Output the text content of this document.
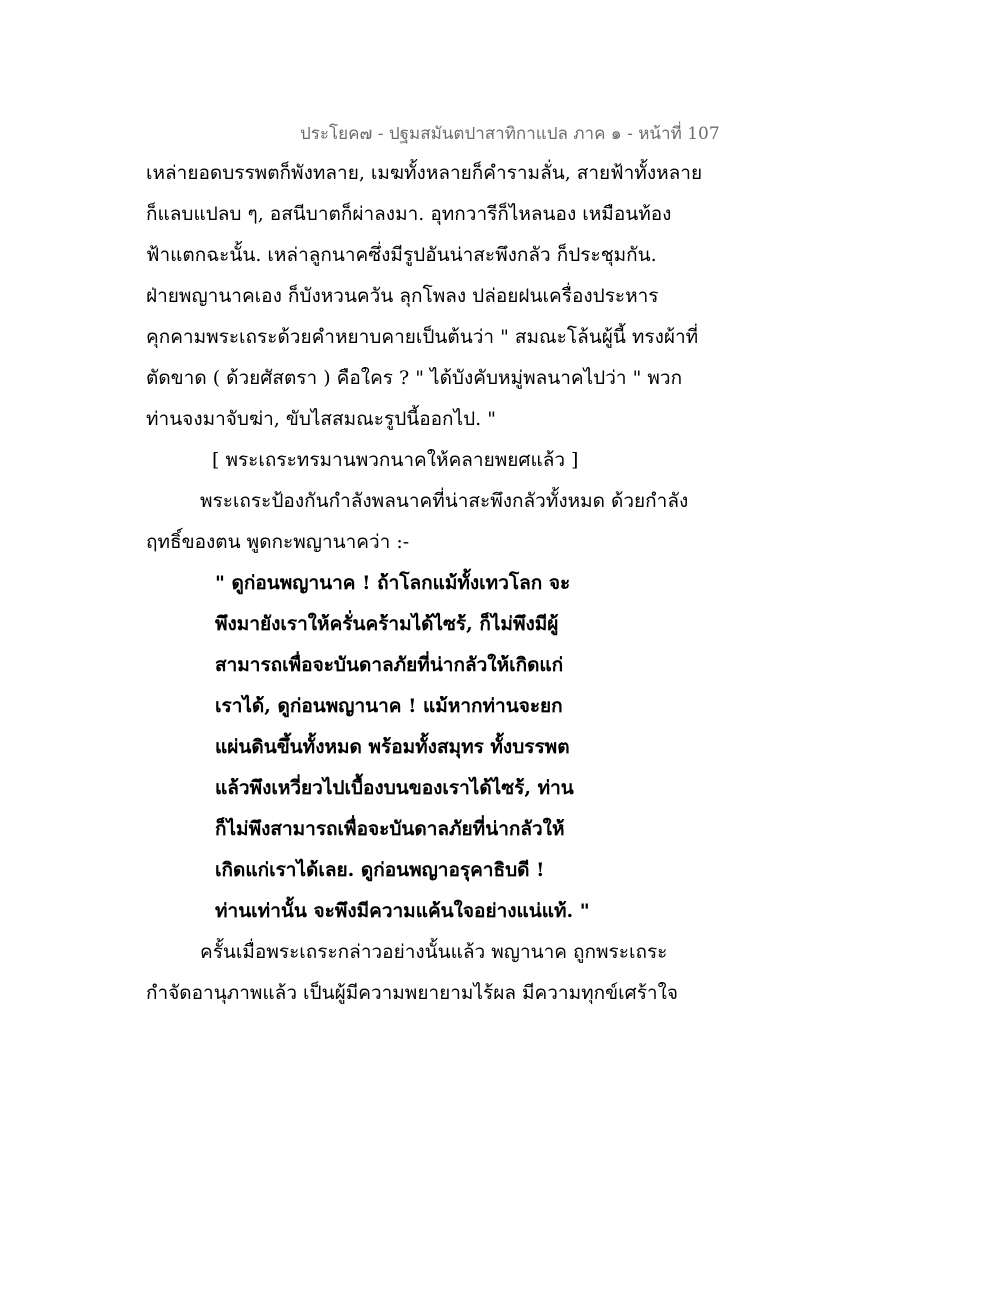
ประโยค๗ - ปฐมสมันตปาสาทิกาแปล ภาค ๑ - หน้าที่ 107
เหล่ายอดบรรพตก็พังทลาย, เมฆทั้งหลายก็คำรามลั่น, สายฟ้าทั้งหลาย
ก็แลบแปลบ ๆ, อสนีบาตก็ผ่าลงมา. อุทกวารีก็ไหลนอง เหมือนท้อง
ฟ้าแตกฉะนั้น. เหล่าลูกนาคซึ่งมีรูปอันน่าสะพึงกลัว ก็ประชุมกัน.
ฝ่ายพญานาคเอง ก็บังหวนควัน ลุกโพลง ปล่อยฝนเครื่องประหาร
คุกคามพระเถระด้วยคำหยาบคายเป็นต้นว่า " สมณะโล้นผู้นี้ ทรงผ้าที่
ตัดขาด ( ด้วยศัสตรา ) คือใคร ? " ได้บังคับหมู่พลนาคไปว่า " พวก
ท่านจงมาจับฆ่า, ขับไสสมณะรูปนี้ออกไป. "
[ พระเถระทรมานพวกนาคให้คลายพยศแล้ว ]
พระเถระป้องกันกำลังพลนาคที่น่าสะพึงกลัวทั้งหมด ด้วยกำลัง
ฤทธิ์ของตน พูดกะพญานาคว่า :-
" ดูก่อนพญานาค ! ถ้าโลกแม้ทั้งเทวโลก จะ
พึงมายังเราให้ครั่นคร้ามได้ไซร้, ก็ไม่พึงมีผู้
สามารถเพื่อจะบันดาลภัยที่น่ากลัวให้เกิดแก่
เราได้, ดูก่อนพญานาค ! แม้หากท่านจะยก
แผ่นดินขึ้นทั้งหมด พร้อมทั้งสมุทร ทั้งบรรพต
แล้วพึงเหวี่ยวไปเบื้องบนของเราได้ไซร้, ท่าน
ก็ไม่พึงสามารถเพื่อจะบันดาลภัยที่น่ากลัวให้
เกิดแก่เราได้เลย. ดูก่อนพญาอรุคาธิบดี !
ท่านเท่านั้น จะพึงมีความแค้นใจอย่างแน่แท้. "
ครั้นเมื่อพระเถระกล่าวอย่างนั้นแล้ว พญานาค ถูกพระเถระ
กำจัดอานุภาพแล้ว เป็นผู้มีความพยายามไร้ผล มีความทุกข์เศร้าใจ
